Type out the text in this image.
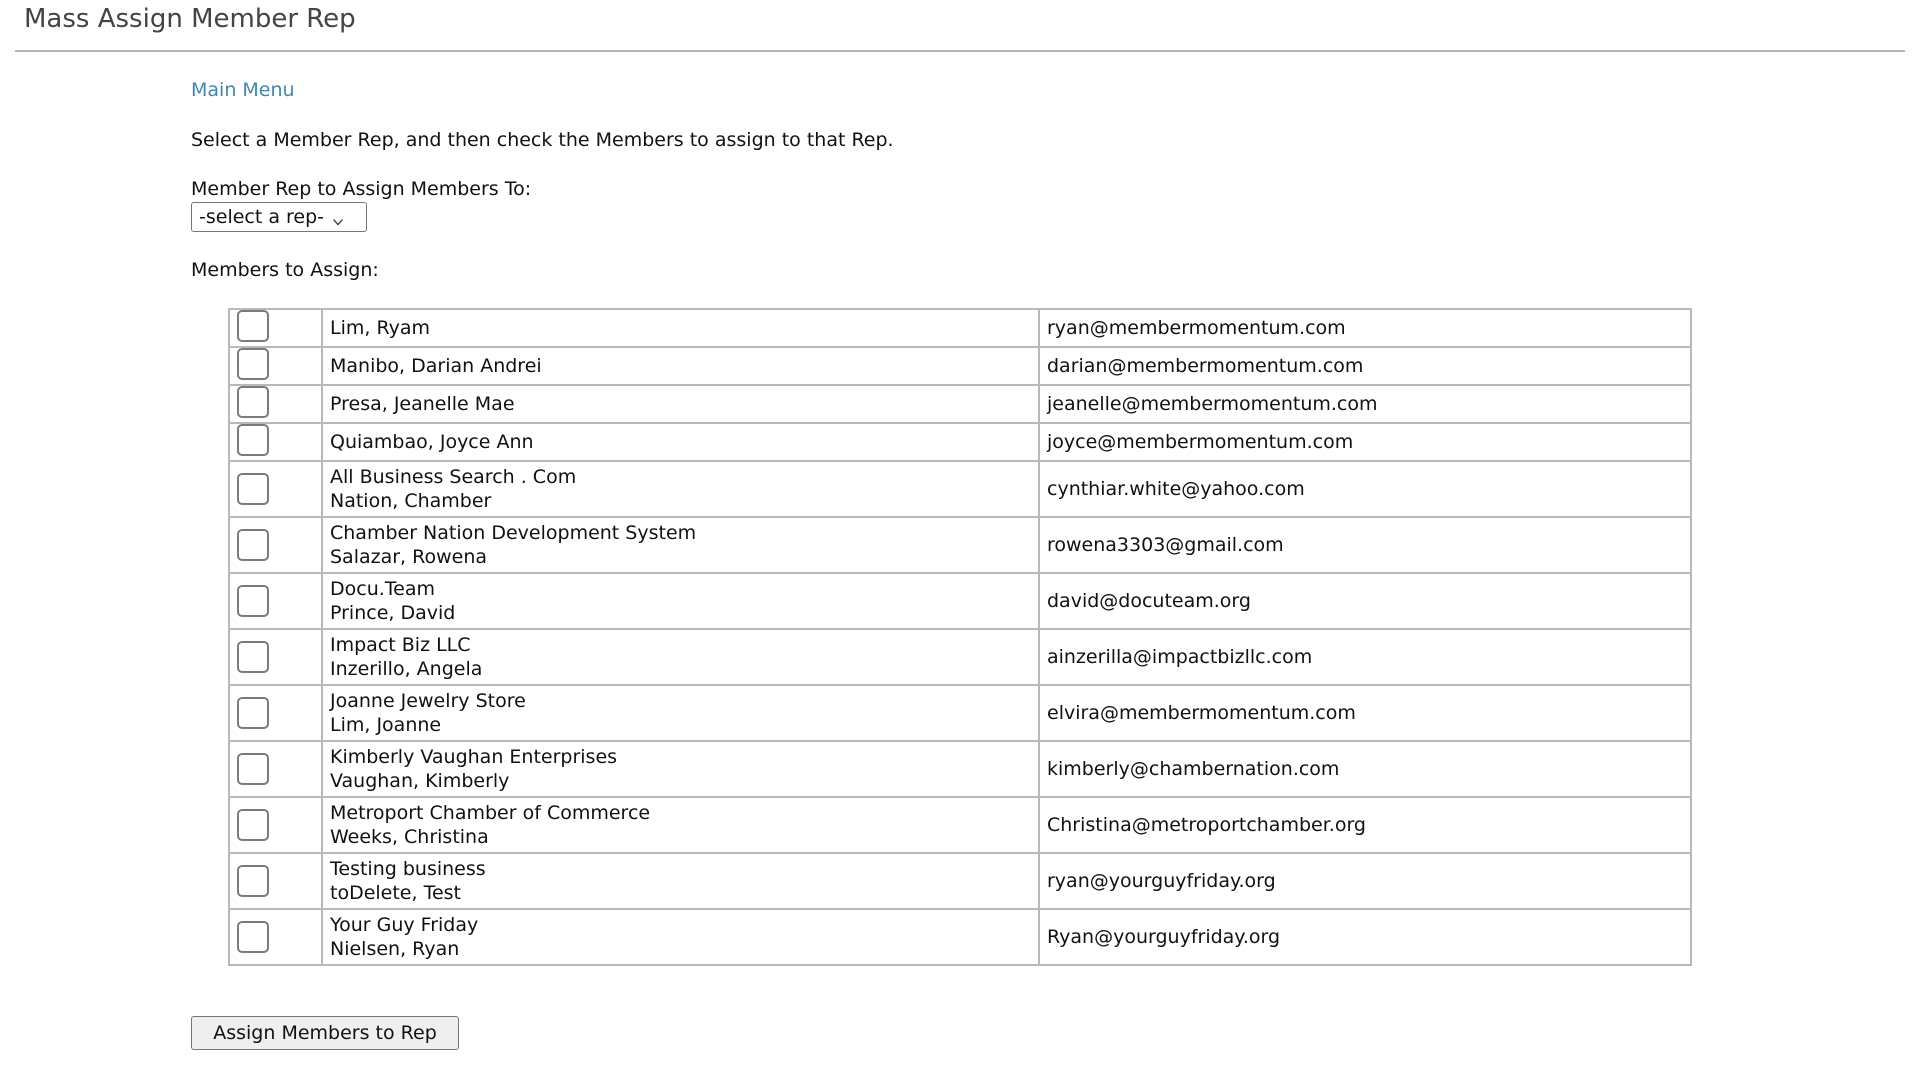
Mass Assign Member Rep
Main Menu
Select a Member Rep, and then check the Members to assign to that Rep.
Member Rep to Assign Members To:
-select a rep-
Members to Assign:

	Lim, Ryam	ryan@membermomentum.com

	Manibo, Darian Andrei	darian@membermomentum.com

	Presa, Jeanelle Mae	jeanelle@membermomentum.com

	Quiambao, Joyce Ann	joyce@membermomentum.com

	All Business Search . Com
Nation, Chamber	cynthiar.white@yahoo.com

	Chamber Nation Development System
Salazar, Rowena	rowena3303@gmail.com

	Docu.Team
Prince, David	david@docuteam.org

	Impact Biz LLC
Inzerillo, Angela	ainzerilla@impactbizllc.com

	Joanne Jewelry Store
Lim, Joanne	elvira@membermomentum.com

	Kimberly Vaughan Enterprises
Vaughan, Kimberly	kimberly@chambernation.com

	Metroport Chamber of Commerce
Weeks, Christina	Christina@metroportchamber.org

	Testing business
toDelete, Test	ryan@yourguyfriday.org

	Your Guy Friday
Nielsen, Ryan	Ryan@yourguyfriday.org
Assign Members to Rep
